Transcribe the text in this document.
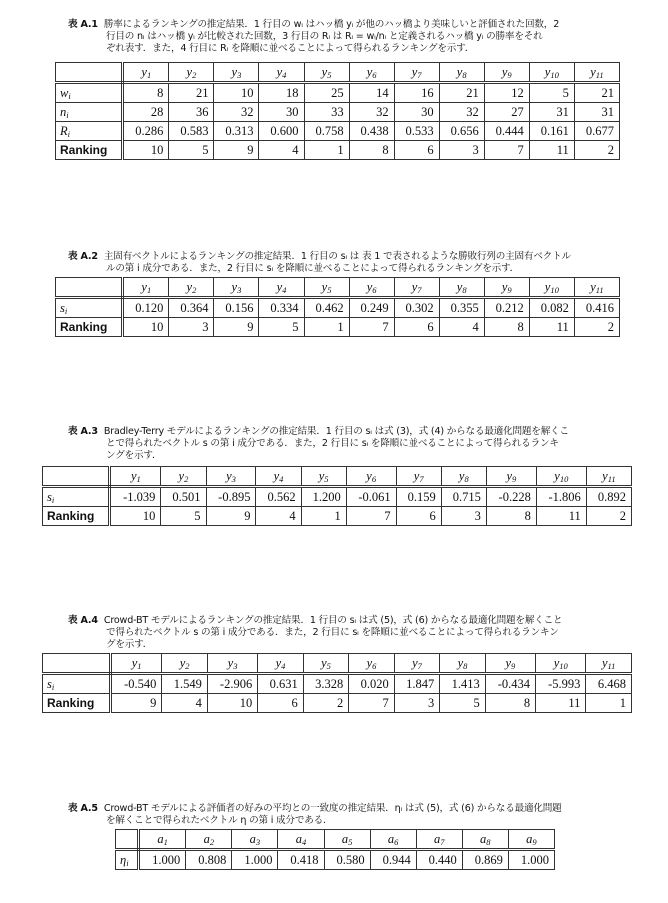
表 A.1 勝率によるランキングの推定結果．1 行目の wᵢ はハッ橋 yᵢ が他のハッ橋より美味しいと評価された回数，2
行目の nᵢ はハッ橋 yᵢ が比較された回数，3 行目の Rᵢ は Rᵢ = wᵢ/nᵢ と定義されるハッ橋 yᵢ の勝率をそれ
ぞれ表す．また，4 行目に Rᵢ を降順に並べることによって得られるランキングを示す．
	$y_1$	$y_2$	$y_3$	$y_4$	$y_5$	$y_6$	$y_7$	$y_8$	$y_9$	$y_{10}$	$y_{11}$
$w_i$	8	21	10	18	25	14	16	21	12	5	21
$n_i$	28	36	32	30	33	32	30	32	27	31	31
$R_i$	0.286	0.583	0.313	0.600	0.758	0.438	0.533	0.656	0.444	0.161	0.677
Ranking	10	5	9	4	1	8	6	3	7	11	2
表 A.2 主固有ベクトルによるランキングの推定結果．1 行目の sᵢ は 表 1 で表されるような勝敗行列の主固有ベクトル
ルの第 i 成分である．また，2 行目に sᵢ を降順に並べることによって得られるランキングを示す．
	$y_1$	$y_2$	$y_3$	$y_4$	$y_5$	$y_6$	$y_7$	$y_8$	$y_9$	$y_{10}$	$y_{11}$
$s_i$	0.120	0.364	0.156	0.334	0.462	0.249	0.302	0.355	0.212	0.082	0.416
Ranking	10	3	9	5	1	7	6	4	8	11	2
表 A.3 Bradley-Terry モデルによるランキングの推定結果．1 行目の sᵢ は式 (3)，式 (4) からなる最適化問題を解くこ
とで得られたベクトル s の第 i 成分である．また，2 行目に sᵢ を降順に並べることによって得られるランキ
ングを示す．
	$y_1$	$y_2$	$y_3$	$y_4$	$y_5$	$y_6$	$y_7$	$y_8$	$y_9$	$y_{10}$	$y_{11}$
$s_i$	-1.039	0.501	-0.895	0.562	1.200	-0.061	0.159	0.715	-0.228	-1.806	0.892
Ranking	10	5	9	4	1	7	6	3	8	11	2
表 A.4 Crowd-BT モデルによるランキングの推定結果．1 行目の sᵢ は式 (5)，式 (6) からなる最適化問題を解くこと
で得られたベクトル s の第 i 成分である．また，2 行目に sᵢ を降順に並べることによって得られるランキン
グを示す．
	$y_1$	$y_2$	$y_3$	$y_4$	$y_5$	$y_6$	$y_7$	$y_8$	$y_9$	$y_{10}$	$y_{11}$
$s_i$	-0.540	1.549	-2.906	0.631	3.328	0.020	1.847	1.413	-0.434	-5.993	6.468
Ranking	9	4	10	6	2	7	3	5	8	11	1
表 A.5 Crowd-BT モデルによる評価者の好みの平均との一致度の推定結果．ηᵢ は式 (5)，式 (6) からなる最適化問題
を解くことで得られたベクトル η の第 i 成分である．
	$a_1$	$a_2$	$a_3$	$a_4$	$a_5$	$a_6$	$a_7$	$a_8$	$a_9$
$\eta_i$	1.000	0.808	1.000	0.418	0.580	0.944	0.440	0.869	1.000
